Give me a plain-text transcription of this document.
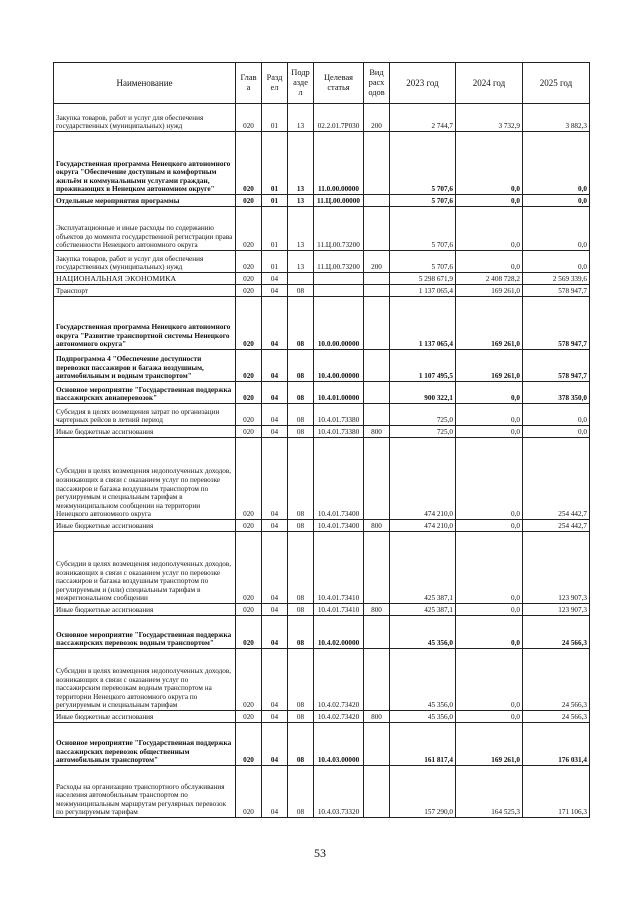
Наименование	Глав а	Разд ел	Подр азде л	Целевая статья	Вид расх одов	2023 год	2024 год	2025 год
Закупка товаров, работ и услуг для обеспечения государственных (муниципальных) нужд	020	01	13	02.2.01.7Р030	200	2 744,7	3 732,9	3 882,3
Государственная программа Ненецкого автономного округа "Обеспечение доступным и комфортным жильём и коммунальными услугами граждан, проживающих в Ненецком автономном округе"	020	01	13	11.0.00.00000		5 707,6	0,0	0,0
Отдельные мероприятия программы	020	01	13	11.Ц.00.00000		5 707,6	0,0	0,0
Эксплуатационные и иные расходы по содержанию объектов до момента государственной регистрации права собственности Ненецкого автономного округа	020	01	13	11.Ц.00.73200		5 707,6	0,0	0,0
Закупка товаров, работ и услуг для обеспечения государственных (муниципальных) нужд	020	01	13	11.Ц.00.73200	200	5 707,6	0,0	0,0
НАЦИОНАЛЬНАЯ ЭКОНОМИКА	020	04				5 298 671,9	2 408 728,2	2 569 339,6
Транспорт	020	04	08			1 137 065,4	169 261,0	578 947,7
Государственная программа Ненецкого автономного округа "Развитие транспортной системы Ненецкого автономного округа"	020	04	08	10.0.00.00000		1 137 065,4	169 261,0	578 947,7
Подпрограмма 4 "Обеспечение доступности перевозки пассажиров и багажа воздушным, автомобильным и водным транспортом"	020	04	08	10.4.00.00000		1 107 495,5	169 261,0	578 947,7
Основное мероприятие "Государственная поддержка пассажирских авиаперевозок"	020	04	08	10.4.01.00000		900 322,1	0,0	378 350,0
Субсидия в целях возмещения затрат по организации чартерных рейсов в летний период	020	04	08	10.4.01.73380		725,0	0,0	0,0
Иные бюджетные ассигнования	020	04	08	10.4.01.73380	800	725,0	0,0	0,0
Субсидии в целях возмещения недополученных доходов, возникающих в связи с оказанием услуг по перевозке пассажиров и багажа воздушным транспортом по регулируемым и специальным тарифам в межмуниципальном сообщении на территории Ненецкого автономного округа	020	04	08	10.4.01.73400		474 210,0	0,0	254 442,7
Иные бюджетные ассигнования	020	04	08	10.4.01.73400	800	474 210,0	0,0	254 442,7
Субсидии в целях возмещения недополученных доходов, возникающих в связи с оказанием услуг по перевозке пассажиров и багажа воздушным транспортом по регулируемым и (или) специальным тарифам в межрегиональном сообщении	020	04	08	10.4.01.73410		425 387,1	0,0	123 907,3
Иные бюджетные ассигнования	020	04	08	10.4.01.73410	800	425 387,1	0,0	123 907,3
Основное мероприятие "Государственная поддержка пассажирских перевозок водным транспортом"	020	04	08	10.4.02.00000		45 356,0	0,0	24 566,3
Субсидии в целях возмещения недополученных доходов, возникающих в связи с оказанием услуг по пассажирским перевозкам водным транспортом на территории Ненецкого автономного округа по регулируемым и специальным тарифам	020	04	08	10.4.02.73420		45 356,0	0,0	24 566,3
Иные бюджетные ассигнования	020	04	08	10.4.02.73420	800	45 356,0	0,0	24 566,3
Основное мероприятие "Государственная поддержка пассажирских перевозок общественным автомобильным транспортом"	020	04	08	10.4.03.00000		161 817,4	169 261,0	176 031,4
Расходы на организацию транспортного обслуживания населения автомобильным транспортом по межмуниципальным маршрутам регулярных перевозок по регулируемым тарифам	020	04	08	10.4.03.73320		157 290,0	164 525,3	171 106,3
53
